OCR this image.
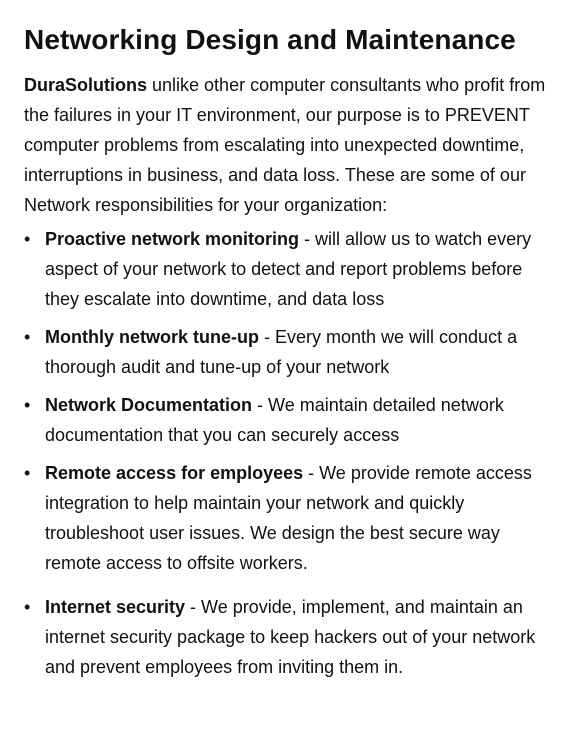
Networking Design and Maintenance

DuraSolutions unlike other computer consultants who profit from the failures in your IT environment, our purpose is to PREVENT computer problems from escalating into unexpected downtime, interruptions in business, and data loss. These are some of our Network responsibilities for your organization:

• Proactive network monitoring - will allow us to watch every aspect of your network to detect and report problems before they escalate into downtime, and data loss
• Monthly network tune-up - Every month we will conduct a thorough audit and tune-up of your network
• Network Documentation - We maintain detailed network documentation that you can securely access
• Remote access for employees - We provide remote access integration to help maintain your network and quickly troubleshoot user issues. We design the best secure way remote access to offsite workers.
• Internet security - We provide, implement, and maintain an internet security package to keep hackers out of your network and prevent employees from inviting them in.
